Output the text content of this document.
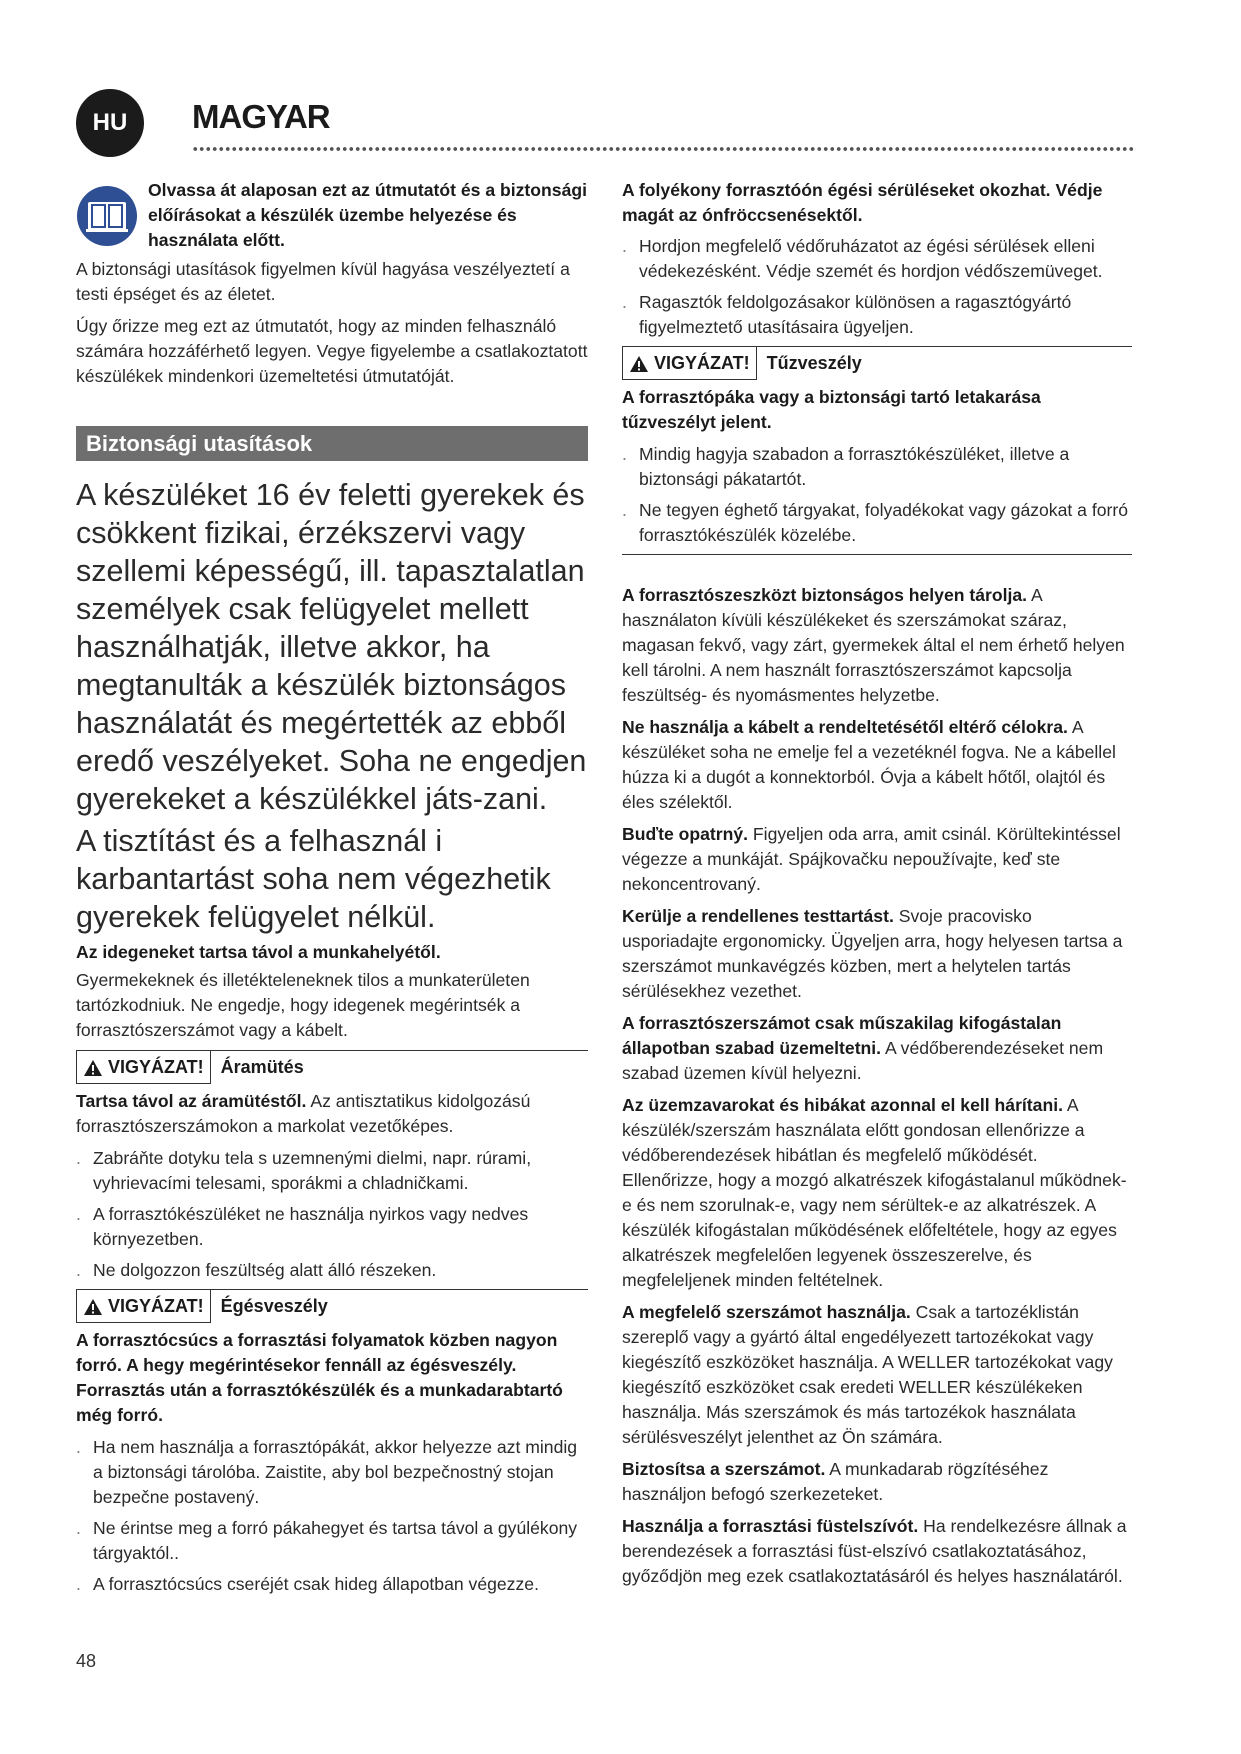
HU	MAGYAR
Olvassa át alaposan ezt az útmutatót és a biztonsági előírásokat a készülék üzembe helyezése és használata előtt.

A biztonsági utasítások figyelmen kívül hagyása veszélyeztetí a testi épséget és az életet.

Úgy őrizze meg ezt az útmutatót, hogy az minden felhasználó számára hozzáférhető legyen. Vegye figyelembe a csatlakoztatott készülékek mindenkori üzemeltetési útmutatóját.

Biztonsági utasítások
A készüléket 16 év feletti gyerekek és csökkent fizikai, érzékszervi vagy szellemi képességű, ill. tapasztalatlan személyek csak felügyelet mellett használhatják, illetve akkor, ha megtanulták a készülék biztonságos használatát és megértették az ebből eredő veszélyeket. Soha ne engedjen gyerekeket a készülékkel játs-zani.
A tisztítást és a felhasznál i karbantartást soha nem végezhetik gyerekek felügyelet nélkül.

Az idegeneket tartsa távol a munkahelyétől.

Gyermekeknek és illetékteleneknek tilos a munkaterületen tartózkodniuk. Ne engedje, hogy idegenek megérintsék a forrasztószerszámot vagy a kábelt.

VIGYÁZAT! Áramütés

Tartsa távol az áramütéstől. Az antisztatikus kidolgozású forrasztószerszámokon a markolat vezetőképes.

. Zabráňte dotyku tela s uzemnenými dielmi, napr. rúrami, vyhrievacími telesami, sporákmi a chladničkami.
. A forrasztókészüléket ne használja nyirkos vagy nedves környezetben.
. Ne dolgozzon feszültség alatt álló részeken.
VIGYÁZAT! Égésveszély

A forrasztócsúcs a forrasztási folyamatok közben nagyon forró. A hegy megérintésekor fennáll az égésveszély. Forrasztás után a forrasztókészülék és a munkadarabtartó még forró.

. Ha nem használja a forrasztópákát, akkor helyezze azt mindig a biztonsági tárolóba. Zaistite, aby bol bezpečnostný stojan bezpečne postavený.
. Ne érintse meg a forró pákahegyet és tartsa távol a gyúlékony tárgyaktól..
. A forrasztócsúcs cseréjét csak hideg állapotban végezze.

A folyékony forrasztóón égési sérüléseket okozhat. Védje magát az ónfröccsenésektől.

. Hordjon megfelelő védőruházatot az égési sérülések elleni védekezésként. Védje szemét és hordjon védőszemüveget.
. Ragasztók feldolgozásakor különösen a ragasztógyártó figyelmeztető utasításaira ügyeljen.
VIGYÁZAT! Tűzveszély

A forrasztópáka vagy a biztonsági tartó letakarása tűzveszélyt jelent.

. Mindig hagyja szabadon a forrasztókészüléket, illetve a biztonsági pákatartót.
. Ne tegyen éghető tárgyakat, folyadékokat vagy gázokat a forró forrasztókészülék közelébe.

A forrasztószeszközt biztonságos helyen tárolja. A használaton kívüli készülékeket és szerszámokat száraz, magasan fekvő, vagy zárt, gyermekek által el nem érhető helyen kell tárolni. A nem használt forrasztószerszámot kapcsolja feszültség- és nyomásmentes helyzetbe.

Ne használja a kábelt a rendeltetésétől eltérő célokra. A készüléket soha ne emelje fel a vezetéknél fogva. Ne a kábellel húzza ki a dugót a konnektorból. Óvja a kábelt hőtől, olajtól és éles szélektől.

Buďte opatrný. Figyeljen oda arra, amit csinál. Körültekintéssel végezze a munkáját. Spájkovačku nepoužívajte, keď ste nekoncentrovaný.

Kerülje a rendellenes testtartást. Svoje pracovisko usporiadajte ergonomicky. Ügyeljen arra, hogy helyesen tartsa a szerszámot munkavégzés közben, mert a helytelen tartás sérülésekhez vezethet.

A forrasztószerszámot csak műszakilag kifogástalan állapotban szabad üzemeltetni. A védőberendezéseket nem szabad üzemen kívül helyezni.

Az üzemzavarokat és hibákat azonnal el kell hárítani. A készülék/szerszám használata előtt gondosan ellenőrizze a védőberendezések hibátlan és megfelelő működését. Ellenőrizze, hogy a mozgó alkatrészek kifogástalanul működnek-e és nem szorulnak-e, vagy nem sérültek-e az alkatrészek. A készülék kifogástalan működésének előfeltétele, hogy az egyes alkatrészek megfelelően legyenek összeszerelve, és megfeleljenek minden feltételnek.

A megfelelő szerszámot használja. Csak a tartozéklistán szereplő vagy a gyártó által engedélyezett tartozékokat vagy kiegészítő eszközöket használja. A WELLER tartozékokat vagy kiegészítő eszközöket csak eredeti WELLER készülékeken használja. Más szerszámok és más tartozékok használata sérülésveszélyt jelenthet az Ön számára.

Biztosítsa a szerszámot. A munkadarab rögzítéséhez használjon befogó szerkezeteket.

Használja a forrasztási füstelszívót. Ha rendelkezésre állnak a berendezések a forrasztási füst-elszívó csatlakoztatásához, győződjön meg ezek csatlakoztatásáról és helyes használatáról.

48
